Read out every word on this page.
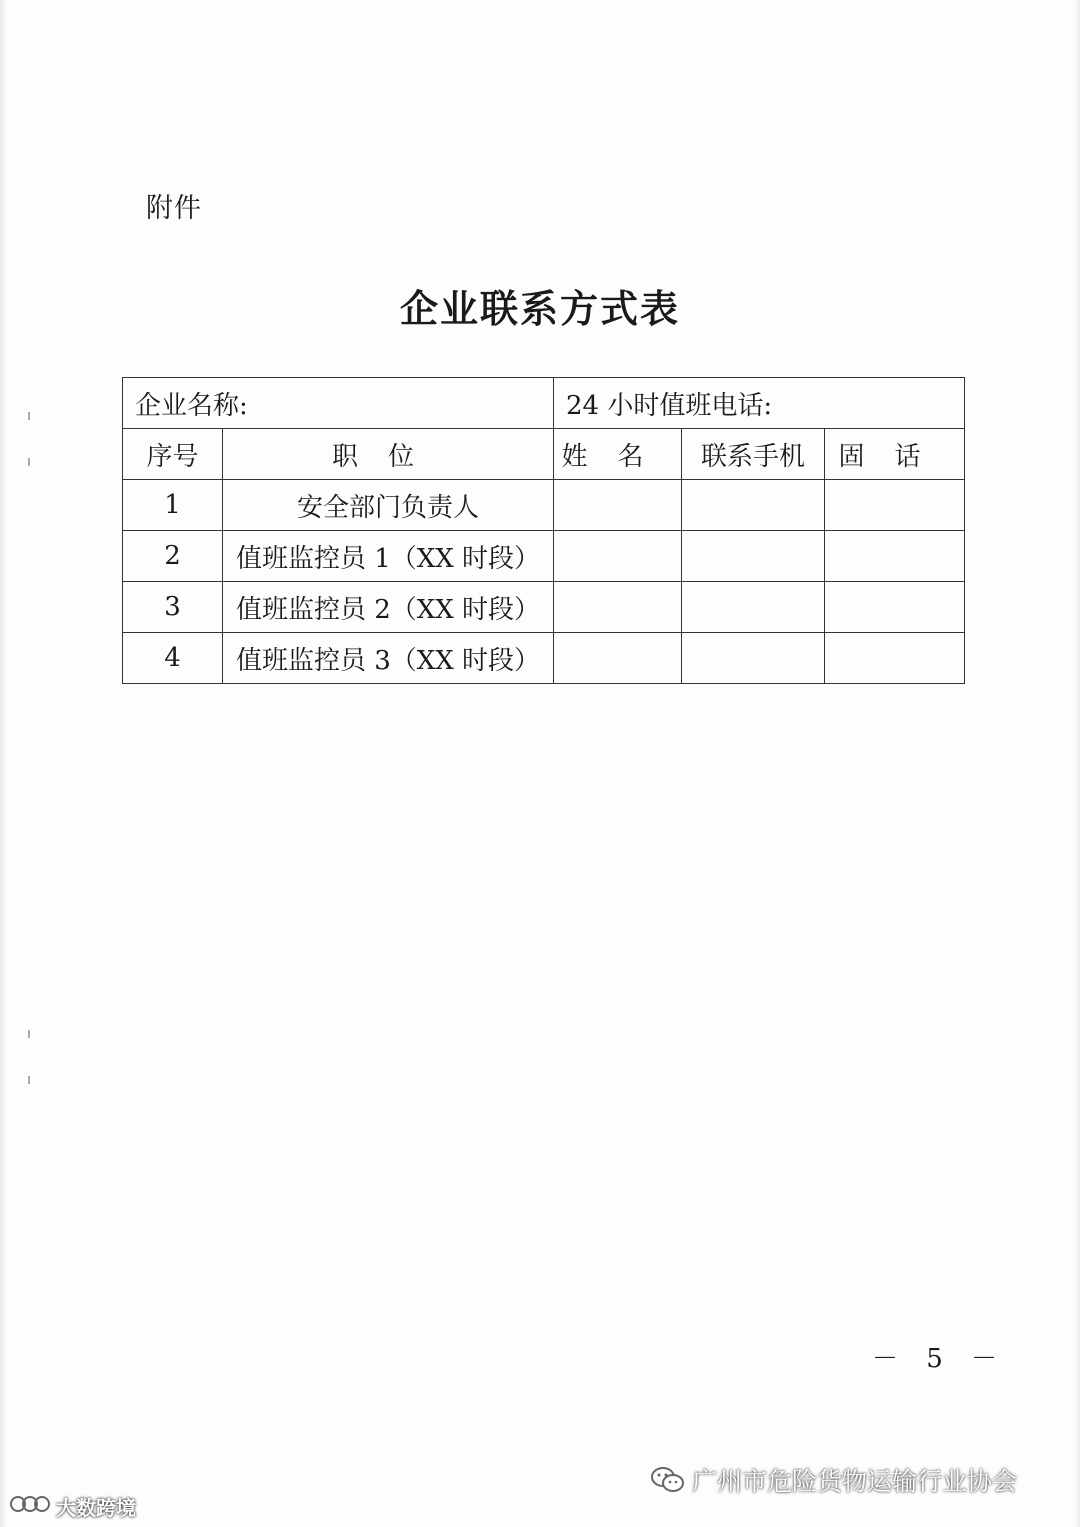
附件
企业联系方式表
企业名称:		24 小时值班电话:		
序号	职位	姓名	联系手机	固话
1	安全部门负责人			
2	值班监控员 1（XX 时段）			
3	值班监控员 2（XX 时段）			
4	值班监控员 3（XX 时段）			
－ 5 －
广州市危险货物运输行业协会
大数跨境
